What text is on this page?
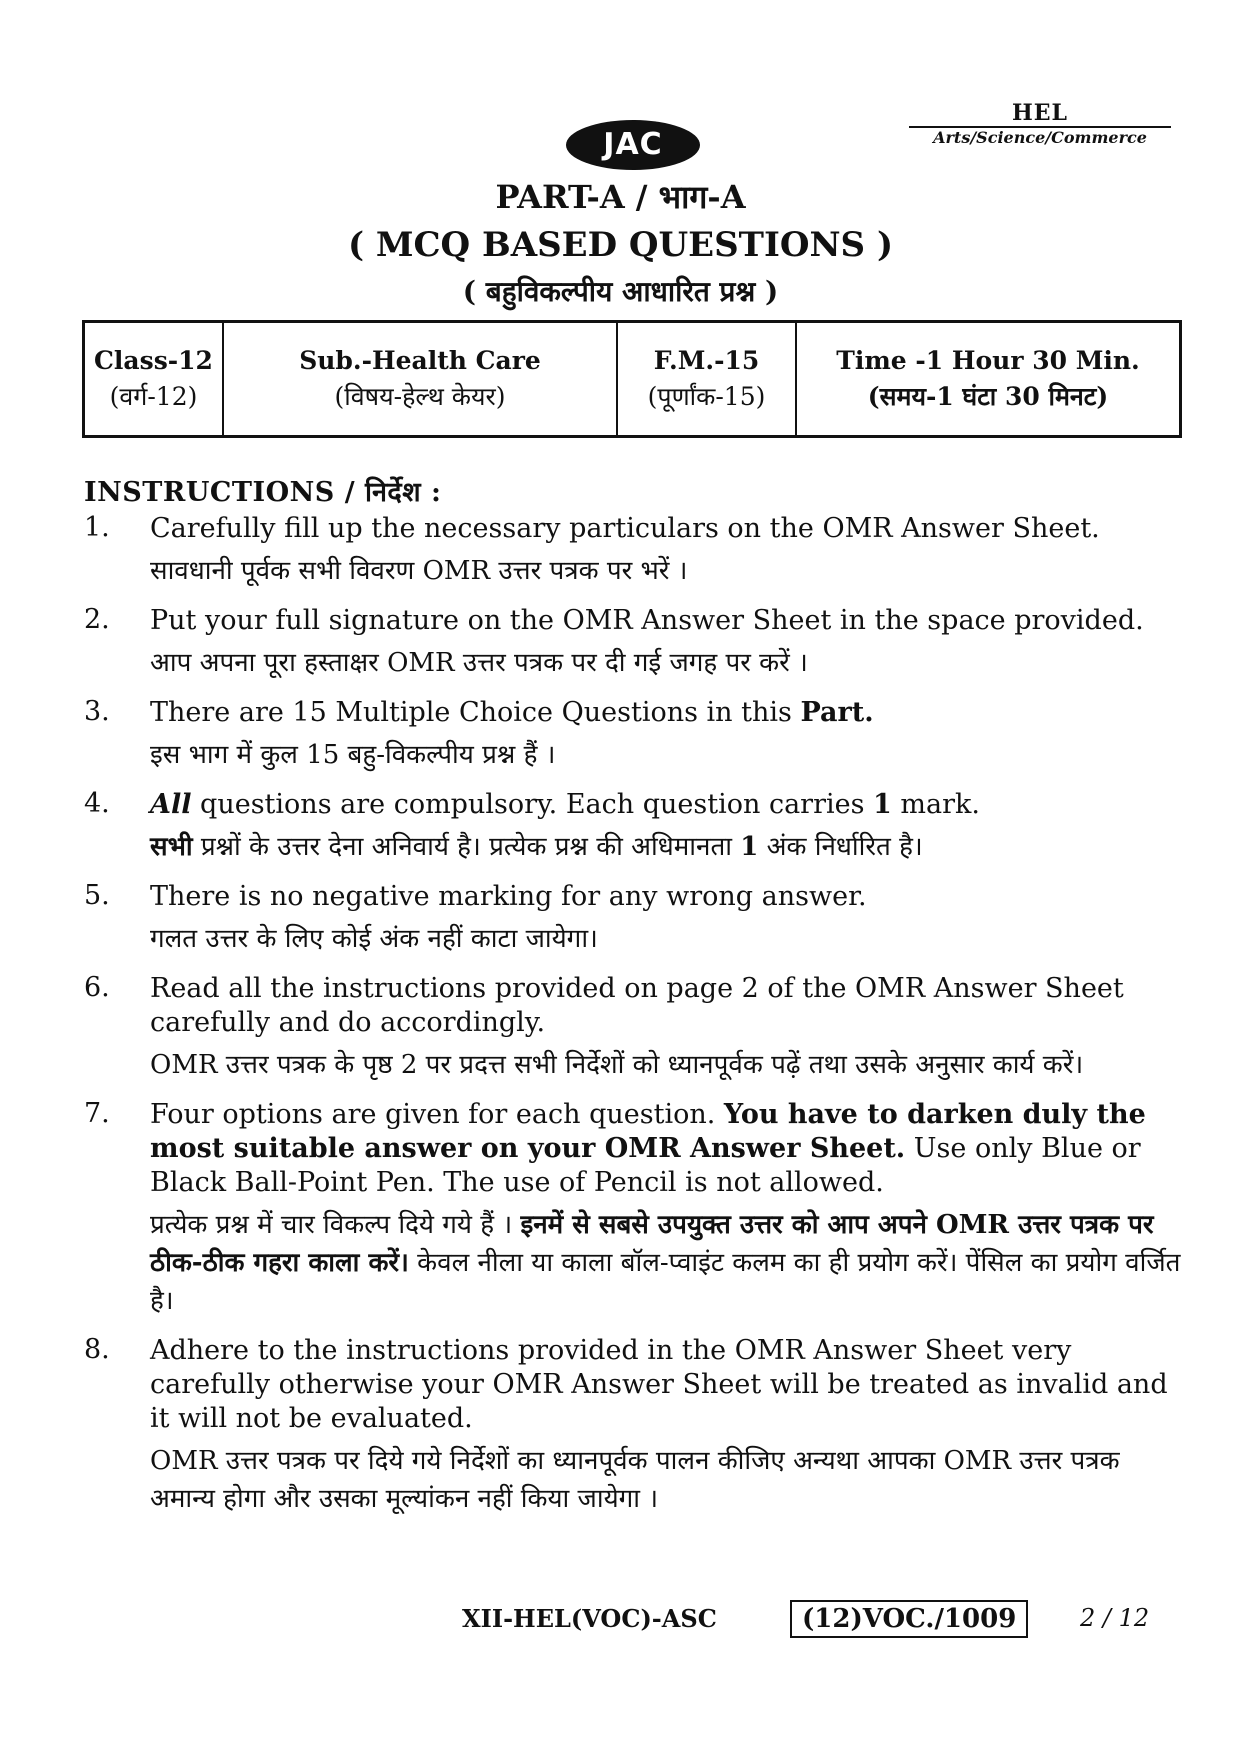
JAC
HEL
Arts/Science/Commerce
PART-A / भाग-A
( MCQ BASED QUESTIONS )
( बहुविकल्पीय आधारित प्रश्न )
Class-12
(वर्ग-12)

Sub.-Health Care
(विषय-हेल्थ केयर)

F.M.-15
(पूर्णांक-15)

Time -1 Hour 30 Min.
(समय-1 घंटा 30 मिनट)
INSTRUCTIONS / निर्देश :
1. Carefully fill up the necessary particulars on the OMR Answer Sheet.
सावधानी पूर्वक सभी विवरण OMR उत्तर पत्रक पर भरें ।
2. Put your full signature on the OMR Answer Sheet in the space provided.
आप अपना पूरा हस्ताक्षर OMR उत्तर पत्रक पर दी गई जगह पर करें ।
3. There are 15 Multiple Choice Questions in this Part.
इस भाग में कुल 15 बहु-विकल्पीय प्रश्न हैं ।
4. All questions are compulsory. Each question carries 1 mark.
सभी प्रश्नों के उत्तर देना अनिवार्य है। प्रत्येक प्रश्न की अधिमानता 1 अंक निर्धारित है।
5. There is no negative marking for any wrong answer.
गलत उत्तर के लिए कोई अंक नहीं काटा जायेगा।
6. Read all the instructions provided on page 2 of the OMR Answer Sheet carefully and do accordingly.
OMR उत्तर पत्रक के पृष्ठ 2 पर प्रदत्त सभी निर्देशों को ध्यानपूर्वक पढ़ें तथा उसके अनुसार कार्य करें।
7. Four options are given for each question. You have to darken duly the most suitable answer on your OMR Answer Sheet. Use only Blue or Black Ball-Point Pen. The use of Pencil is not allowed.
प्रत्येक प्रश्न में चार विकल्प दिये गये हैं । इनमें से सबसे उपयुक्त उत्तर को आप अपने OMR उत्तर पत्रक पर ठीक-ठीक गहरा काला करें। केवल नीला या काला बॉल-प्वाइंट कलम का ही प्रयोग करें। पेंसिल का प्रयोग वर्जित है।
8. Adhere to the instructions provided in the OMR Answer Sheet very carefully otherwise your OMR Answer Sheet will be treated as invalid and it will not be evaluated.
OMR उत्तर पत्रक पर दिये गये निर्देशों का ध्यानपूर्वक पालन कीजिए अन्यथा आपका OMR उत्तर पत्रक अमान्य होगा और उसका मूल्यांकन नहीं किया जायेगा ।
XII-HEL(VOC)-ASC	(12)VOC./1009	2 / 12
